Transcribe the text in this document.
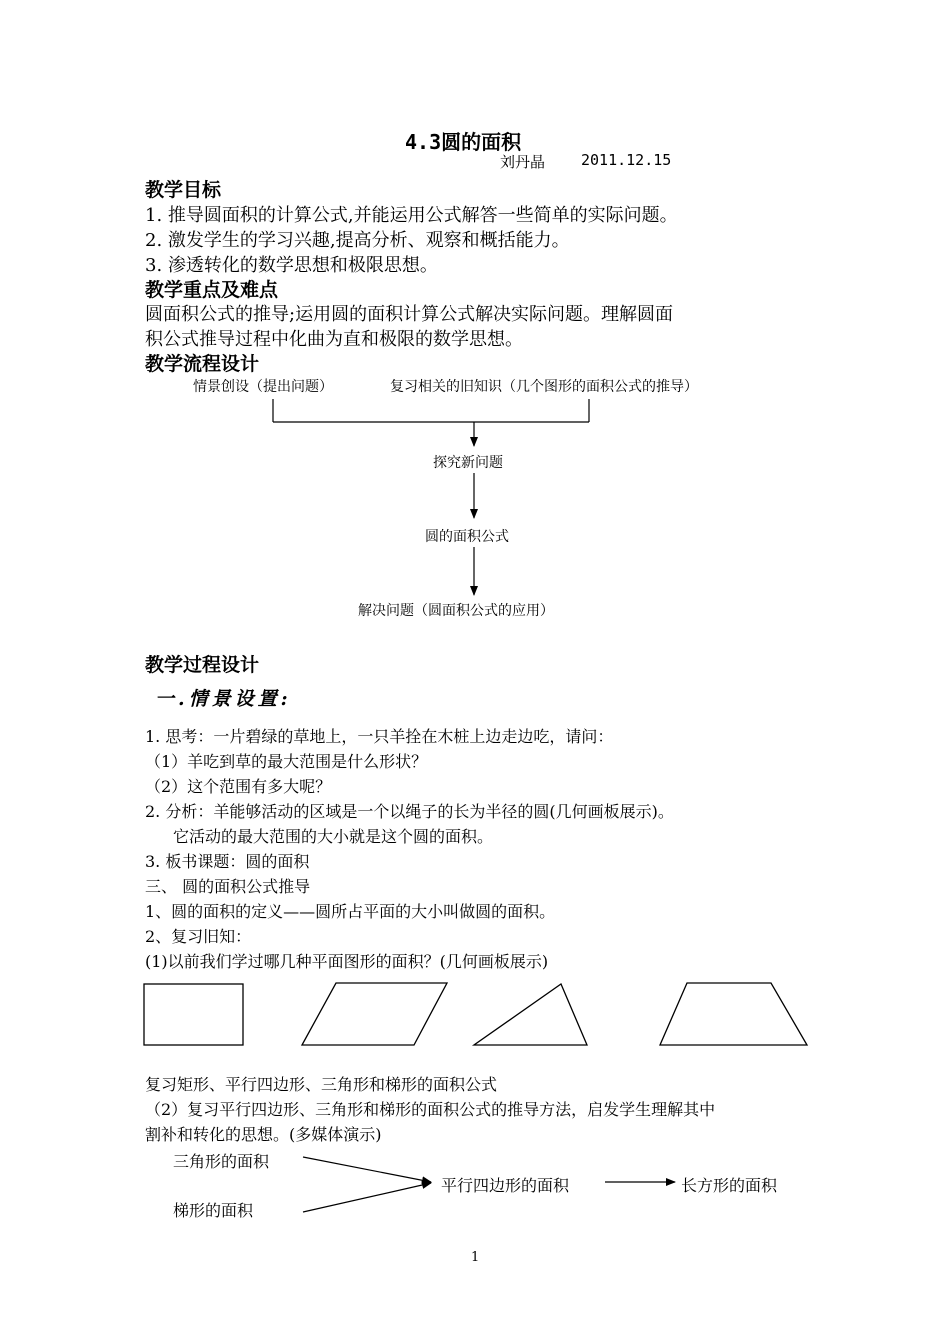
4.3圆的面积
刘丹晶 2011.12.15
教学目标
1. 推导圆面积的计算公式,并能运用公式解答一些简单的实际问题。
2. 激发学生的学习兴趣,提高分析、观察和概括能力。
3. 渗透转化的数学思想和极限思想。
教学重点及难点
圆面积公式的推导;运用圆的面积计算公式解决实际问题。理解圆面
积公式推导过程中化曲为直和极限的数学思想。
教学流程设计
情景创设（提出问题）	复习相关的旧知识（几个图形的面积公式的推导）
探究新问题
圆的面积公式
解决问题（圆面积公式的应用）
教学过程设计
一.情景设置:
1. 思考：一片碧绿的草地上，一只羊拴在木桩上边走边吃，请问：
（1）羊吃到草的最大范围是什么形状？
（2）这个范围有多大呢？
2. 分析：羊能够活动的区域是一个以绳子的长为半径的圆(几何画板展示)。
它活动的最大范围的大小就是这个圆的面积。
3. 板书课题：圆的面积
三、 圆的面积公式推导
1、圆的面积的定义——圆所占平面的大小叫做圆的面积。
2、复习旧知：
(1)以前我们学过哪几种平面图形的面积？(几何画板展示)
复习矩形、平行四边形、三角形和梯形的面积公式
（2）复习平行四边形、三角形和梯形的面积公式的推导方法，启发学生理解其中
割补和转化的思想。(多媒体演示)
三角形的面积
梯形的面积
平行四边形的面积	长方形的面积
1
